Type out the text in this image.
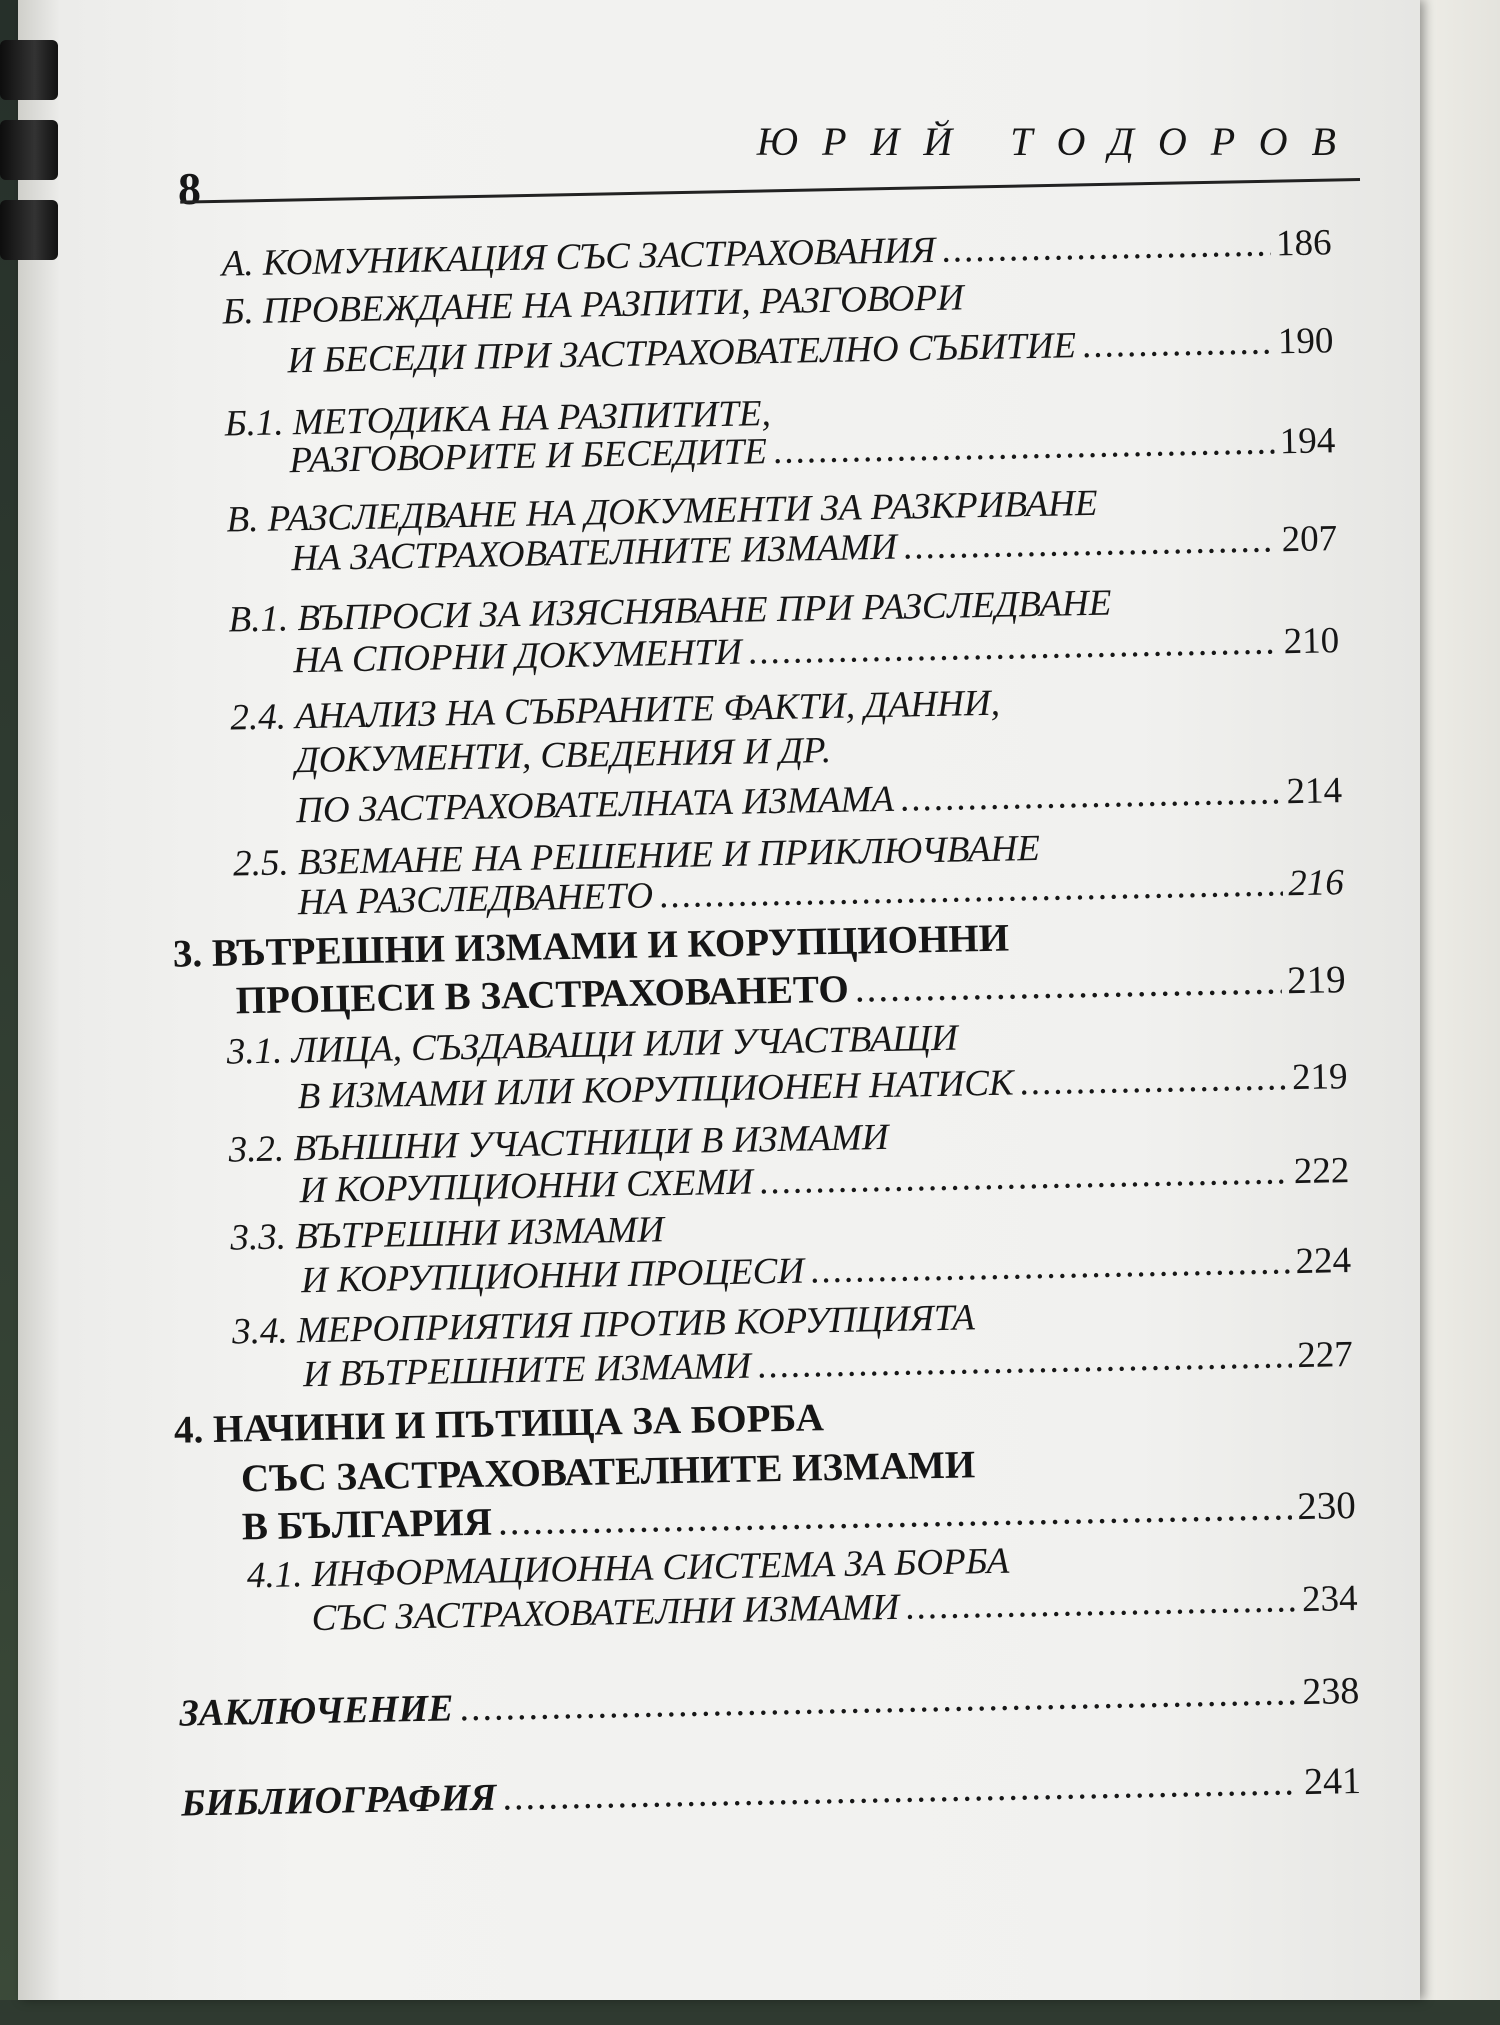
ЮРИЙ ТОДОРОВ
8
А. КОМУНИКАЦИЯ СЪС ЗАСТРАХОВАНИЯ .....	186
Б. ПРОВЕЖДАНЕ НА РАЗПИТИ, РАЗГОВОРИ
И БЕСЕДИ ПРИ ЗАСТРАХОВАТЕЛНО СЪБИТИЕ .....	190
Б.1. МЕТОДИКА НА РАЗПИТИТЕ,
РАЗГОВОРИТЕ И БЕСЕДИТЕ .....	194
В. РАЗСЛЕДВАНЕ НА ДОКУМЕНТИ ЗА РАЗКРИВАНЕ
НА ЗАСТРАХОВАТЕЛНИТЕ ИЗМАМИ .....	207
В.1. ВЪПРОСИ ЗА ИЗЯСНЯВАНЕ ПРИ РАЗСЛЕДВАНЕ
НА СПОРНИ ДОКУМЕНТИ .....	210
2.4. АНАЛИЗ НА СЪБРАНИТЕ ФАКТИ, ДАННИ,
ДОКУМЕНТИ, СВЕДЕНИЯ И ДР.
ПО ЗАСТРАХОВАТЕЛНАТА ИЗМАМА .....	214
2.5. ВЗЕМАНЕ НА РЕШЕНИЕ И ПРИКЛЮЧВАНЕ
НА РАЗСЛЕДВАНЕТО .....	216
3. ВЪТРЕШНИ ИЗМАМИ И КОРУПЦИОННИ
ПРОЦЕСИ В ЗАСТРАХОВАНЕТО .....	219
3.1. ЛИЦА, СЪЗДАВАЩИ ИЛИ УЧАСТВАЩИ
В ИЗМАМИ ИЛИ КОРУПЦИОНЕН НАТИСК .....	219
3.2. ВЪНШНИ УЧАСТНИЦИ В ИЗМАМИ
И КОРУПЦИОННИ СХЕМИ .....	222
3.3. ВЪТРЕШНИ ИЗМАМИ
И КОРУПЦИОННИ ПРОЦЕСИ .....	224
3.4. МЕРОПРИЯТИЯ ПРОТИВ КОРУПЦИЯТА
И ВЪТРЕШНИТЕ ИЗМАМИ .....	227
4. НАЧИНИ И ПЪТИЩА ЗА БОРБА
СЪС ЗАСТРАХОВАТЕЛНИТЕ ИЗМАМИ
В БЪЛГАРИЯ .....	230
4.1. ИНФОРМАЦИОННА СИСТЕМА ЗА БОРБА
СЪС ЗАСТРАХОВАТЕЛНИ ИЗМАМИ .....	234
ЗАКЛЮЧЕНИЕ .....	238
БИБЛИОГРАФИЯ .....	241
